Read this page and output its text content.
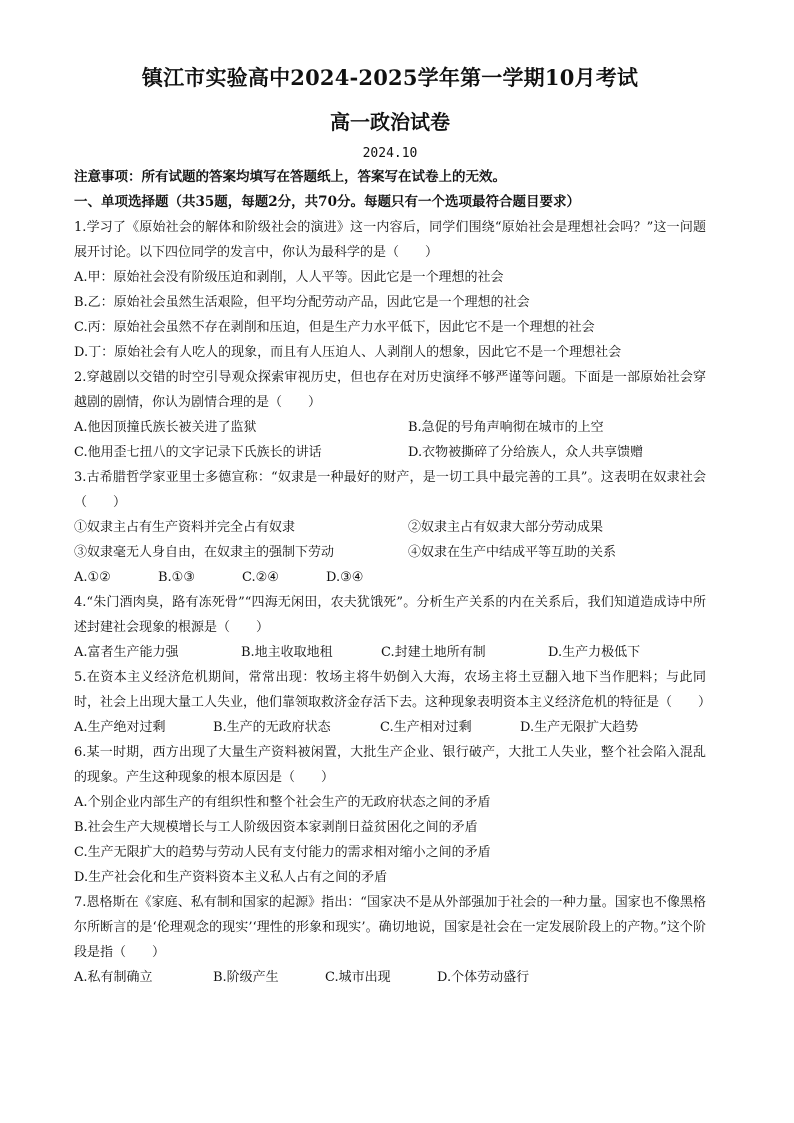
镇江市实验高中2024-2025学年第一学期10月考试
高一政治试卷
2024.10
注意事项：所有试题的答案均填写在答题纸上，答案写在试卷上的无效。
一、单项选择题（共35题，每题2分，共70分。每题只有一个选项最符合题目要求）
1.学习了《原始社会的解体和阶级社会的演进》这一内容后，同学们围绕“原始社会是理想社会吗？”这一问题展开讨论。以下四位同学的发言中，你认为最科学的是（　　）
A.甲：原始社会没有阶级压迫和剥削，人人平等。因此它是一个理想的社会
B.乙：原始社会虽然生活艰险，但平均分配劳动产品，因此它是一个理想的社会
C.丙：原始社会虽然不存在剥削和压迫，但是生产力水平低下，因此它不是一个理想的社会
D.丁：原始社会有人吃人的现象，而且有人压迫人、人剥削人的想象，因此它不是一个理想社会
2.穿越剧以交错的时空引导观众探索审视历史，但也存在对历史演绎不够严谨等问题。下面是一部原始社会穿越剧的剧情，你认为剧情合理的是（　　）
A.他因顶撞氏族长被关进了监狱	B.急促的号角声响彻在城市的上空
C.他用歪七扭八的文字记录下氏族长的讲话	D.衣物被撕碎了分给族人，众人共享馈赠
3.古希腊哲学家亚里士多德宣称：“奴隶是一种最好的财产，是一切工具中最完善的工具”。这表明在奴隶社会（　　）
①奴隶主占有生产资料并完全占有奴隶	②奴隶主占有奴隶大部分劳动成果
③奴隶毫无人身自由，在奴隶主的强制下劳动	④奴隶在生产中结成平等互助的关系
A.①②	B.①③	C.②④	D.③④
4.“朱门酒肉臭，路有冻死骨”“四海无闲田，农夫犹饿死”。分析生产关系的内在关系后，我们知道造成诗中所述封建社会现象的根源是（　　）
A.富者生产能力强	B.地主收取地租	C.封建土地所有制	D.生产力极低下
5.在资本主义经济危机期间，常常出现：牧场主将牛奶倒入大海，农场主将土豆翻入地下当作肥料；与此同时，社会上出现大量工人失业，他们靠领取救济金存活下去。这种现象表明资本主义经济危机的特征是（　　）
A.生产绝对过剩	B.生产的无政府状态	C.生产相对过剩	D.生产无限扩大趋势
6.某一时期，西方出现了大量生产资料被闲置，大批生产企业、银行破产，大批工人失业，整个社会陷入混乱的现象。产生这种现象的根本原因是（　　）
A.个别企业内部生产的有组织性和整个社会生产的无政府状态之间的矛盾
B.社会生产大规模增长与工人阶级因资本家剥削日益贫困化之间的矛盾
C.生产无限扩大的趋势与劳动人民有支付能力的需求相对缩小之间的矛盾
D.生产社会化和生产资料资本主义私人占有之间的矛盾
7.恩格斯在《家庭、私有制和国家的起源》指出：“国家决不是从外部强加于社会的一种力量。国家也不像黑格尔所断言的是‘伦理观念的现实’‘理性的形象和现实’。确切地说，国家是社会在一定发展阶段上的产物。”这个阶段是指（　　）
A.私有制确立	B.阶级产生	C.城市出现	D.个体劳动盛行
